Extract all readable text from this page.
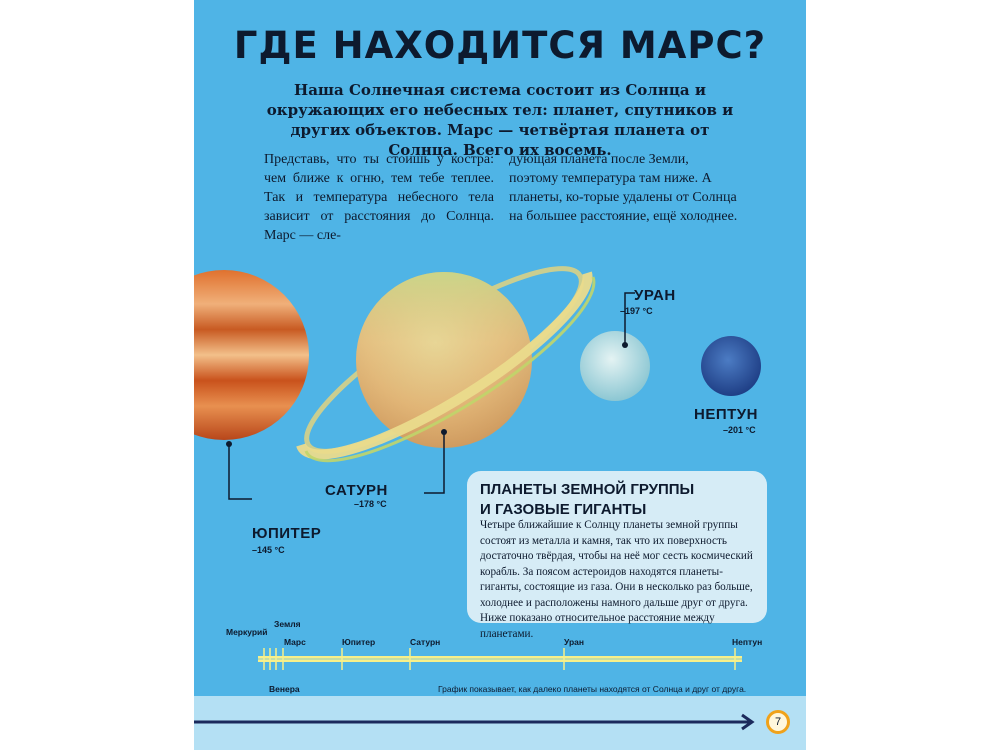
ГДЕ НАХОДИТСЯ МАРС?
Наша Солнечная система состоит из Солнца и окружающих его небесных тел: планет, спутников и других объектов. Марс — четвёртая планета от Солнца. Всего их восемь.
Представь, что ты стоишь у костра: чем ближе к огню, тем тебе теплее. Так и температура небесного тела зависит от расстояния до Солнца. Марс — сле-
дующая планета после Земли, поэтому температура там ниже. А планеты, ко-торые удалены от Солнца на большее расстояние, ещё холоднее.
ЮПИТЕР
–145 °C
САТУРН
–178 °C
УРАН
–197 °C
НЕПТУН
–201 °C
ПЛАНЕТЫ ЗЕМНОЙ ГРУППЫ
И ГАЗОВЫЕ ГИГАНТЫ
Четыре ближайшие к Солнцу планеты земной группы состоят из металла и камня, так что их поверхность достаточно твёрдая, чтобы на неё мог сесть космический корабль. За поясом астероидов находятся планеты-гиганты, состоящие из газа. Они в несколько раз больше, холоднее и расположены намного дальше друг от друга. Ниже показано относительное расстояние между планетами.
Меркурий
Земля
Венера
Марс	Юпитер	Сатурн	Уран	Нептун
График показывает, как далеко планеты находятся от Солнца и друг от друга.
7
